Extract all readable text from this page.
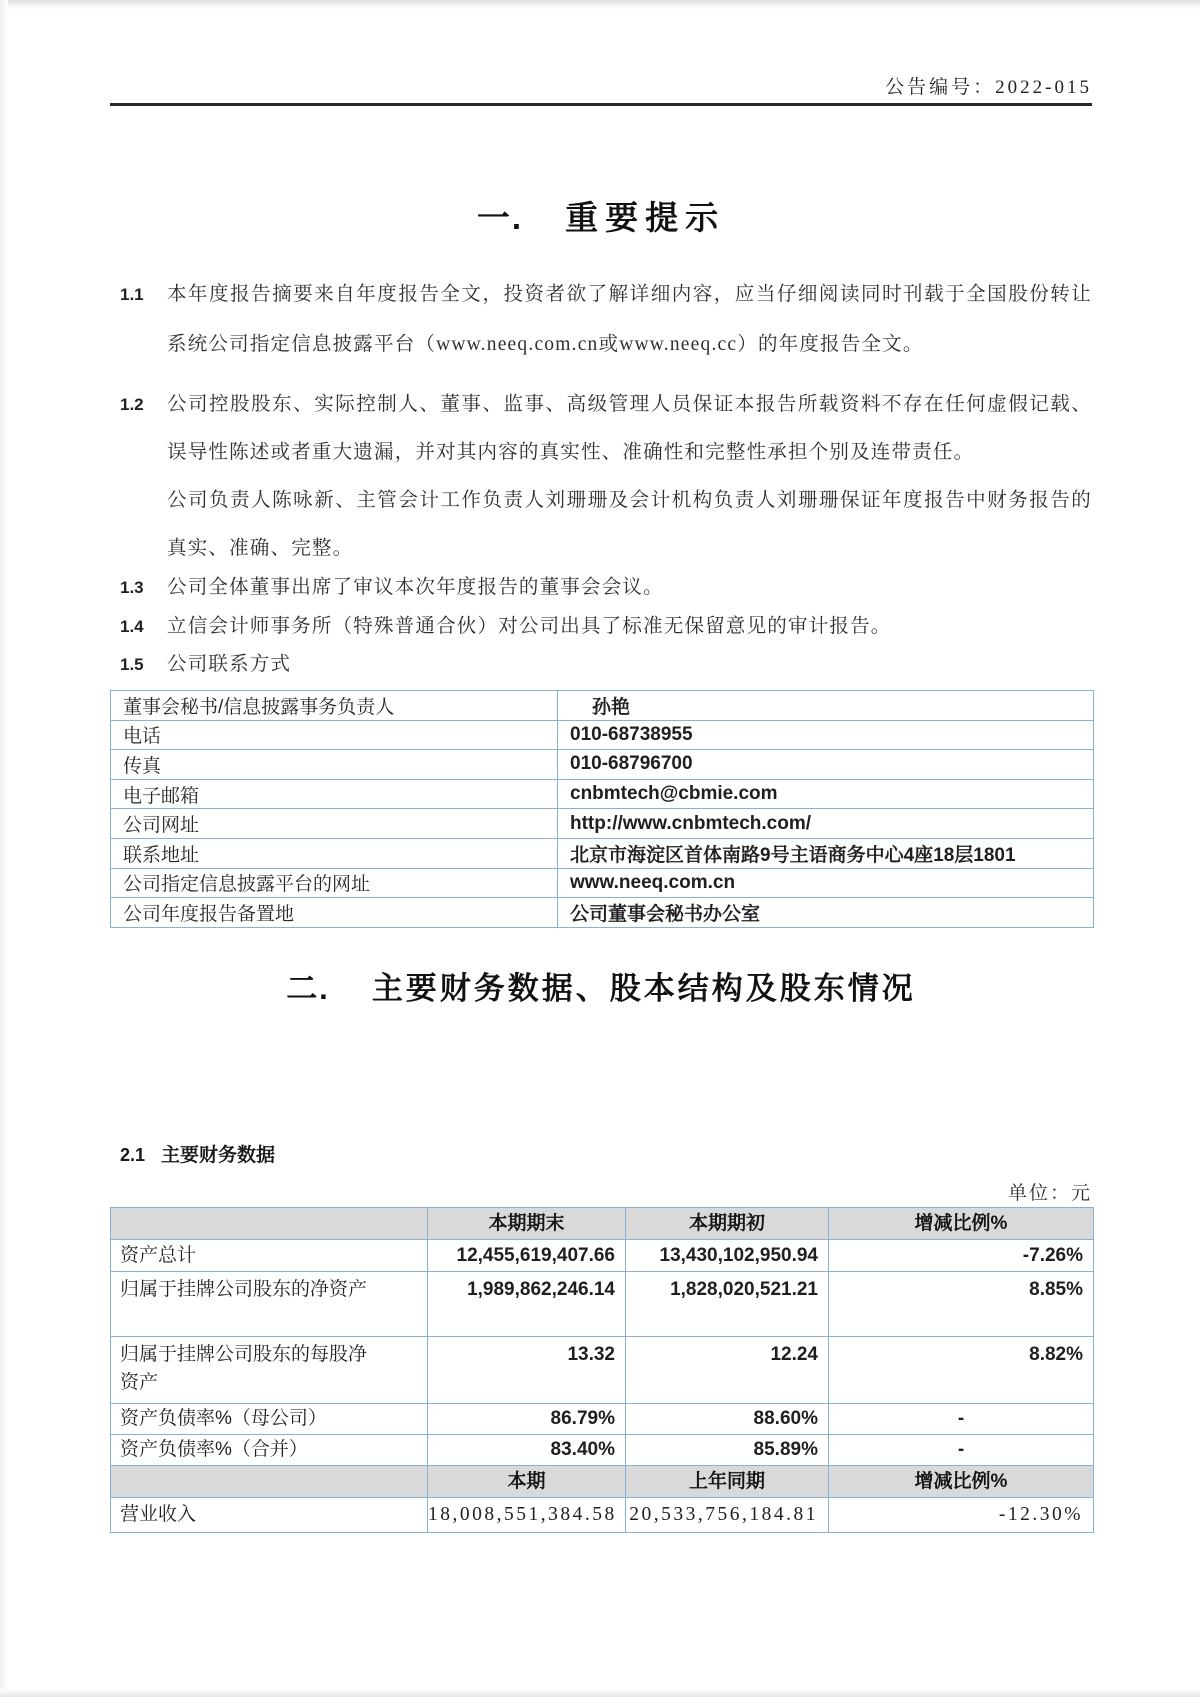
公告编号：2022-015
一. 重要提示
1.1	本年度报告摘要来自年度报告全文，投资者欲了解详细内容，应当仔细阅读同时刊载于全国股份转让系统公司指定信息披露平台（www.neeq.com.cn或www.neeq.cc）的年度报告全文。
1.2	公司控股股东、实际控制人、董事、监事、高级管理人员保证本报告所载资料不存在任何虚假记载、误导性陈述或者重大遗漏，并对其内容的真实性、准确性和完整性承担个别及连带责任。
公司负责人陈咏新、主管会计工作负责人刘珊珊及会计机构负责人刘珊珊保证年度报告中财务报告的真实、准确、完整。
1.3	公司全体董事出席了审议本次年度报告的董事会会议。
1.4	立信会计师事务所（特殊普通合伙）对公司出具了标准无保留意见的审计报告。
1.5	公司联系方式
董事会秘书/信息披露事务负责人	孙艳
电话	010-68738955
传真	010-68796700
电子邮箱	cnbmtech@cbmie.com
公司网址	http://www.cnbmtech.com/
联系地址	北京市海淀区首体南路9号主语商务中心4座18层1801
公司指定信息披露平台的网址	www.neeq.com.cn
公司年度报告备置地	公司董事会秘书办公室
二. 主要财务数据、股本结构及股东情况
2.1 主要财务数据
单位：元
	本期期末	本期期初	增减比例%
资产总计	12,455,619,407.66	13,430,102,950.94	-7.26%
归属于挂牌公司股东的净资产	1,989,862,246.14	1,828,020,521.21	8.85%
归属于挂牌公司股东的每股净资产	13.32	12.24	8.82%
资产负债率%（母公司）	86.79%	88.60%	-
资产负债率%（合并）	83.40%	85.89%	-
	本期	上年同期	增减比例%
营业收入	18,008,551,384.58	20,533,756,184.81	-12.30%
